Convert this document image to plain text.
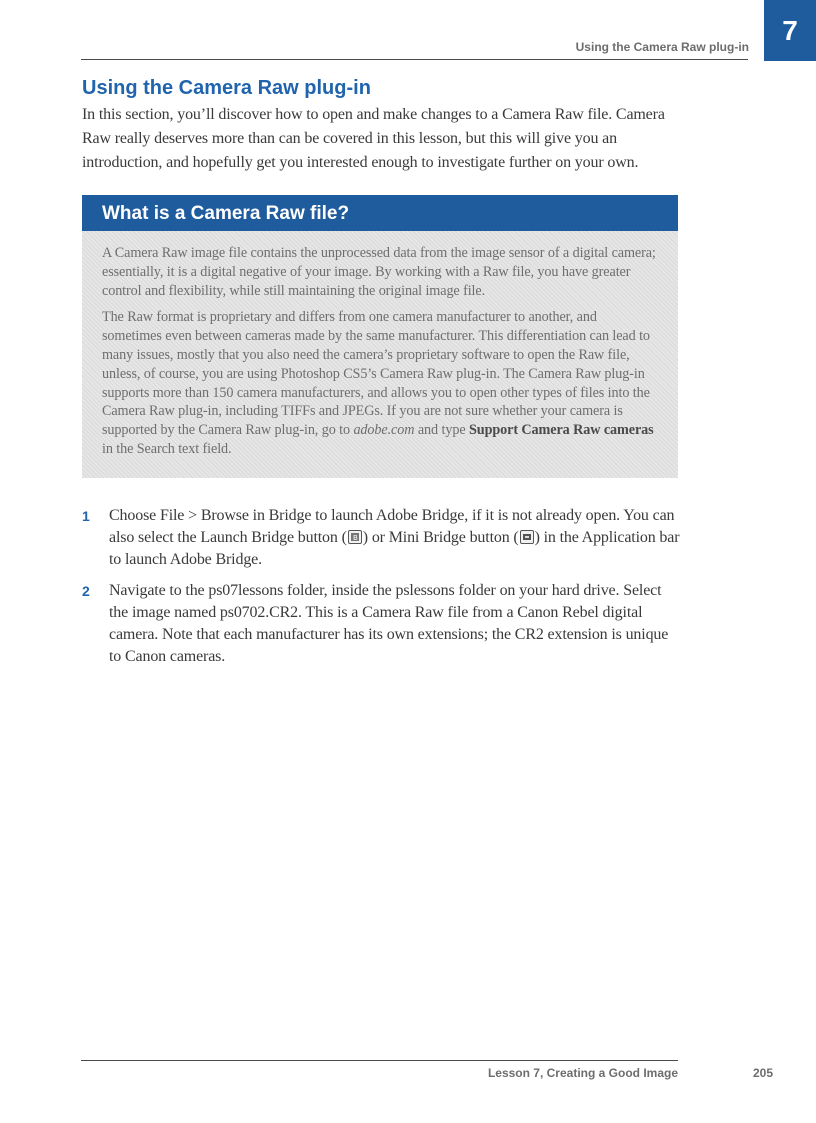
Using the Camera Raw plug-in
7
Using the Camera Raw plug-in

In this section, you’ll discover how to open and make changes to a Camera Raw file. Camera Raw really deserves more than can be covered in this lesson, but this will give you an introduction, and hopefully get you interested enough to investigate further on your own.

What is a Camera Raw file?

A Camera Raw image file contains the unprocessed data from the image sensor of a digital camera; essentially, it is a digital negative of your image. By working with a Raw file, you have greater control and flexibility, while still maintaining the original image file.

The Raw format is proprietary and differs from one camera manufacturer to another, and sometimes even between cameras made by the same manufacturer. This differentiation can lead to many issues, mostly that you also need the camera’s proprietary software to open the Raw file, unless, of course, you are using Photoshop CS5’s Camera Raw plug-in. The Camera Raw plug-in supports more than 150 camera manufacturers, and allows you to open other types of files into the Camera Raw plug-in, including TIFFs and JPEGs. If you are not sure whether your camera is supported by the Camera Raw plug-in, go to adobe.com and type Support Camera Raw cameras in the Search text field.

1 Choose File > Browse in Bridge to launch Adobe Bridge, if it is not already open. You can also select the Launch Bridge button ( B ) or Mini Bridge button ( ) in the Application bar to launch Adobe Bridge.

2 Navigate to the ps07lessons folder, inside the pslessons folder on your hard drive. Select the image named ps0702.CR2. This is a Camera Raw file from a Canon Rebel digital camera. Note that each manufacturer has its own extensions; the CR2 extension is unique to Canon cameras.

Lesson 7, Creating a Good Image	205
